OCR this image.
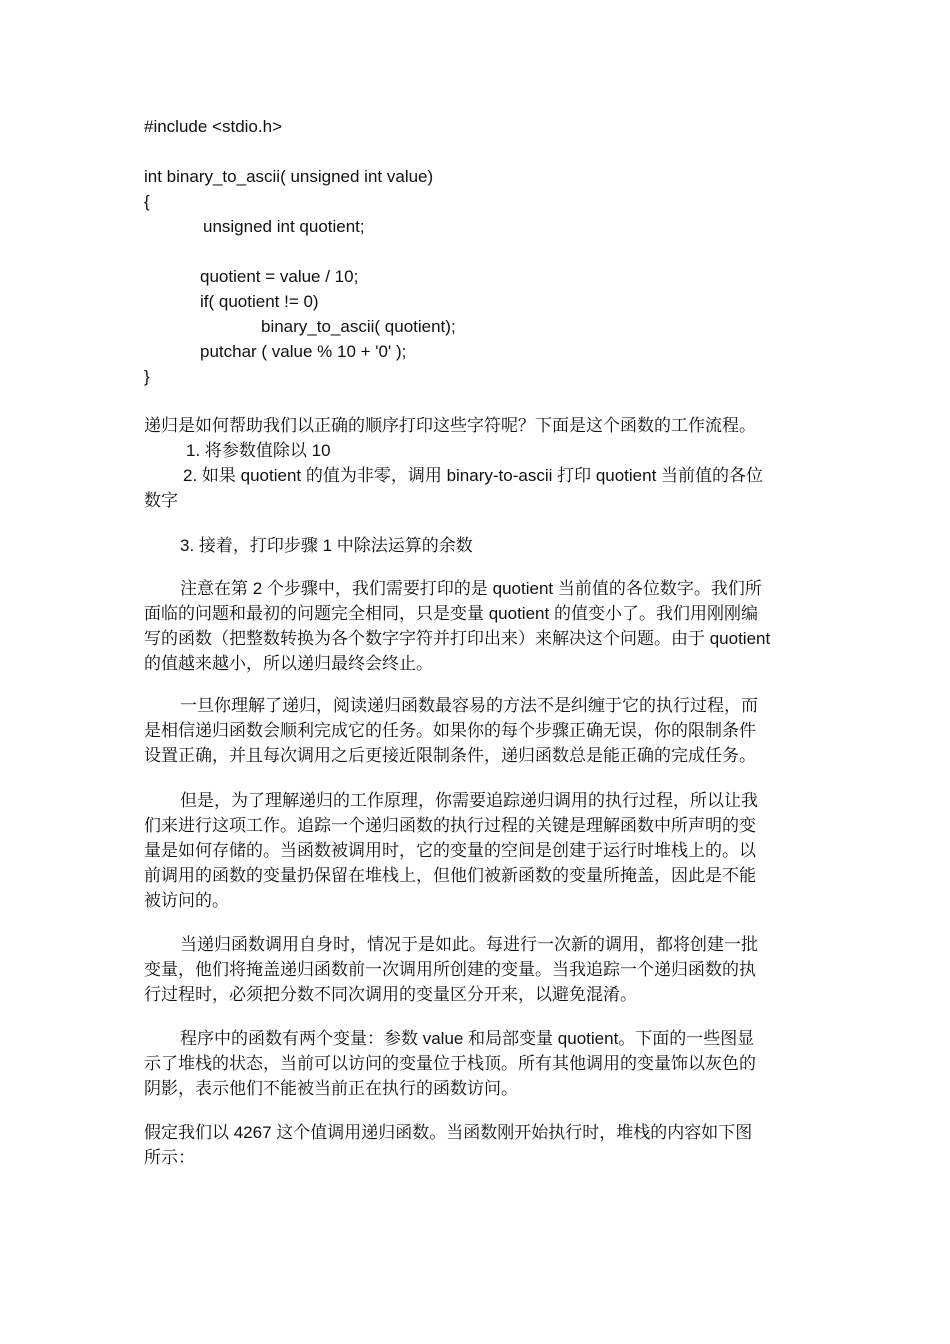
#include <stdio.h>
int binary_to_ascii( unsigned int value)
{
unsigned int quotient;
quotient = value / 10;
if( quotient != 0)
binary_to_ascii( quotient);
putchar ( value % 10 + '0' );
}
递归是如何帮助我们以正确的顺序打印这些字符呢？下面是这个函数的工作流程。
1. 将参数值除以 10
2. 如果 quotient 的值为非零，调用 binary-to-ascii 打印 quotient 当前值的各位
数字
3. 接着，打印步骤 1 中除法运算的余数
注意在第 2 个步骤中，我们需要打印的是 quotient 当前值的各位数字。我们所
面临的问题和最初的问题完全相同，只是变量 quotient 的值变小了。我们用刚刚编
写的函数（把整数转换为各个数字字符并打印出来）来解决这个问题。由于 quotient
的值越来越小，所以递归最终会终止。
一旦你理解了递归，阅读递归函数最容易的方法不是纠缠于它的执行过程，而
是相信递归函数会顺利完成它的任务。如果你的每个步骤正确无误，你的限制条件
设置正确，并且每次调用之后更接近限制条件，递归函数总是能正确的完成任务。
但是，为了理解递归的工作原理，你需要追踪递归调用的执行过程，所以让我
们来进行这项工作。追踪一个递归函数的执行过程的关键是理解函数中所声明的变
量是如何存储的。当函数被调用时，它的变量的空间是创建于运行时堆栈上的。以
前调用的函数的变量扔保留在堆栈上，但他们被新函数的变量所掩盖，因此是不能
被访问的。
当递归函数调用自身时，情况于是如此。每进行一次新的调用，都将创建一批
变量，他们将掩盖递归函数前一次调用所创建的变量。当我追踪一个递归函数的执
行过程时，必须把分数不同次调用的变量区分开来，以避免混淆。
程序中的函数有两个变量：参数 value 和局部变量 quotient。下面的一些图显
示了堆栈的状态，当前可以访问的变量位于栈顶。所有其他调用的变量饰以灰色的
阴影，表示他们不能被当前正在执行的函数访问。
假定我们以 4267 这个值调用递归函数。当函数刚开始执行时，堆栈的内容如下图
所示：
